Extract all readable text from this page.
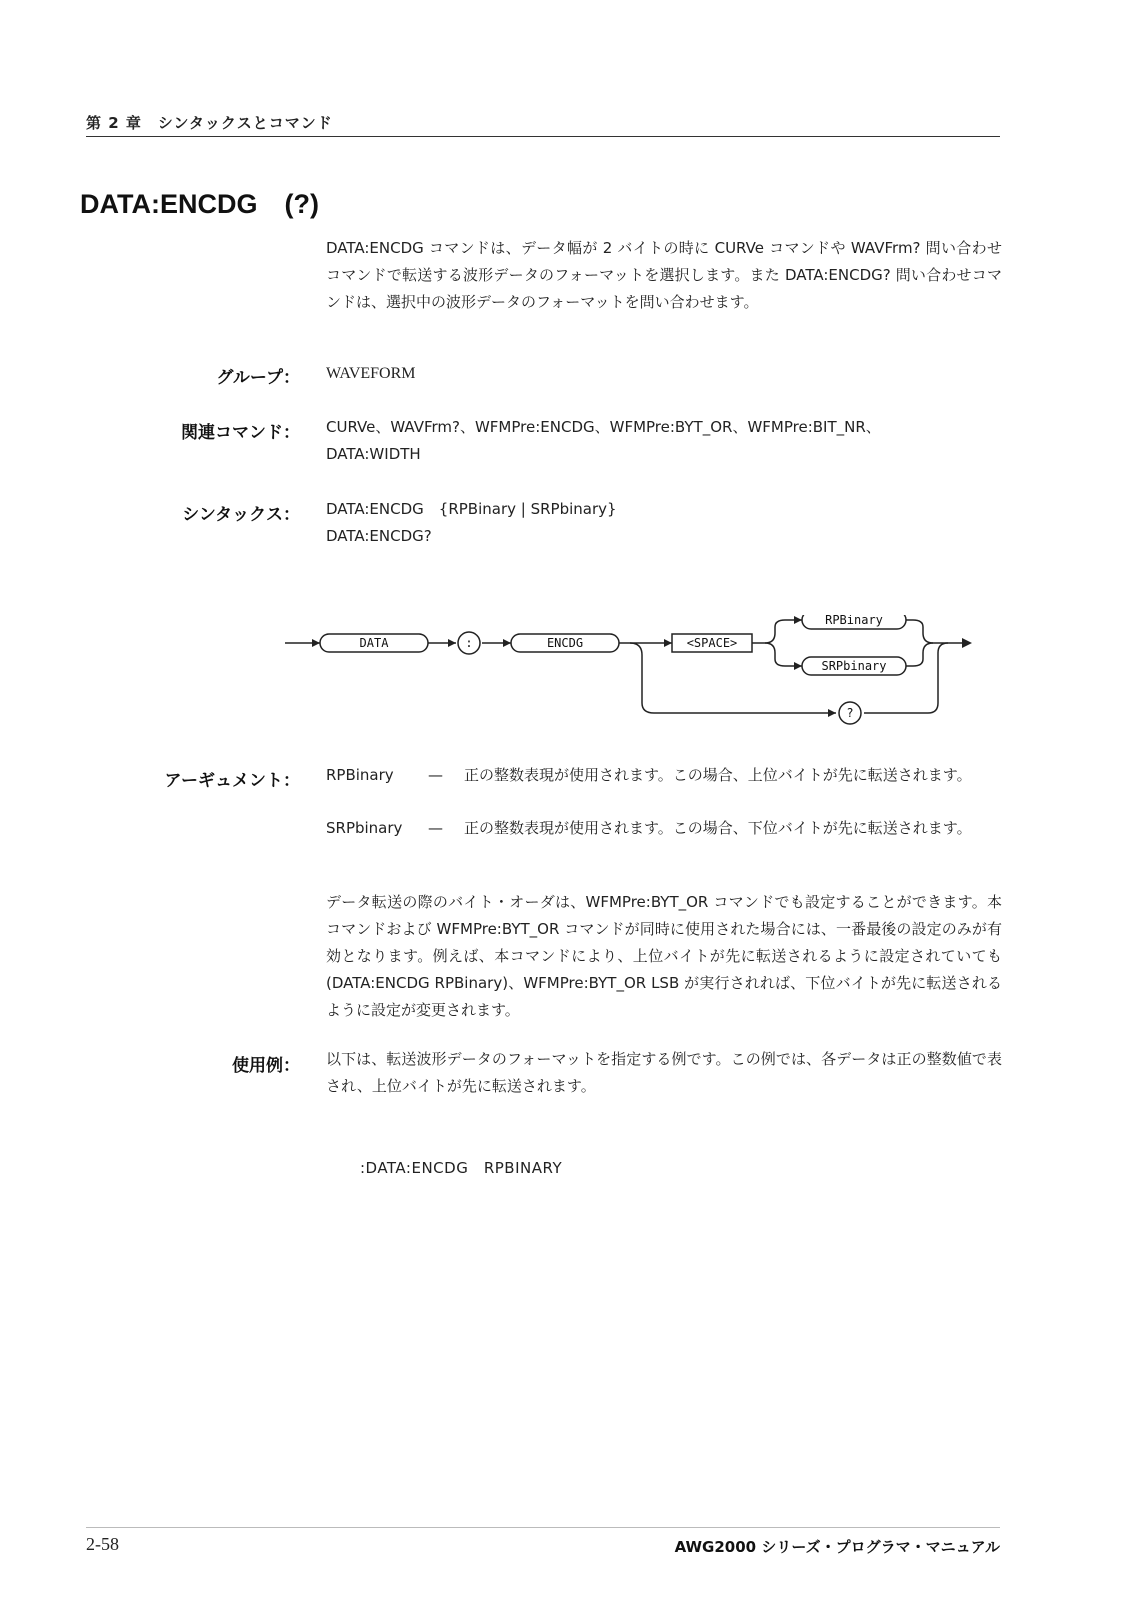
第 2 章　シンタックスとコマンド
DATA:ENCDG　(?)
DATA:ENCDG コマンドは、データ幅が 2 バイトの時に CURVe コマンドや WAVFrm? 問い合わせコマンドで転送する波形データのフォーマットを選択します。また DATA:ENCDG? 問い合わせコマンドは、選択中の波形データのフォーマットを問い合わせます。
グループ： WAVEFORM
関連コマンド： CURVe、WAVFrm?、WFMPre:ENCDG、WFMPre:BYT_OR、WFMPre:BIT_NR、
DATA:WIDTH
シンタックス： DATA:ENCDG　{RPBinary | SRPbinary}
DATA:ENCDG?
DATA	:	ENCDG	<SPACE>
RPBinary
SRPbinary
?
アーギュメント： RPBinary — 正の整数表現が使用されます。この場合、上位バイトが先に転送されます。
SRPbinary — 正の整数表現が使用されます。この場合、下位バイトが先に転送されます。
データ転送の際のバイト・オーダは、WFMPre:BYT_OR コマンドでも設定することができます。本コマンドおよび WFMPre:BYT_OR コマンドが同時に使用された場合には、一番最後の設定のみが有効となります。例えば、本コマンドにより、上位バイトが先に転送されるように設定されていても (DATA:ENCDG RPBinary)、WFMPre:BYT_OR LSB が実行されれば、下位バイトが先に転送されるように設定が変更されます。
使用例： 以下は、転送波形データのフォーマットを指定する例です。この例では、各データは正の整数値で表され、上位バイトが先に転送されます。
:DATA:ENCDG　RPBINARY
2-58	AWG2000 シリーズ・プログラマ・マニュアル
